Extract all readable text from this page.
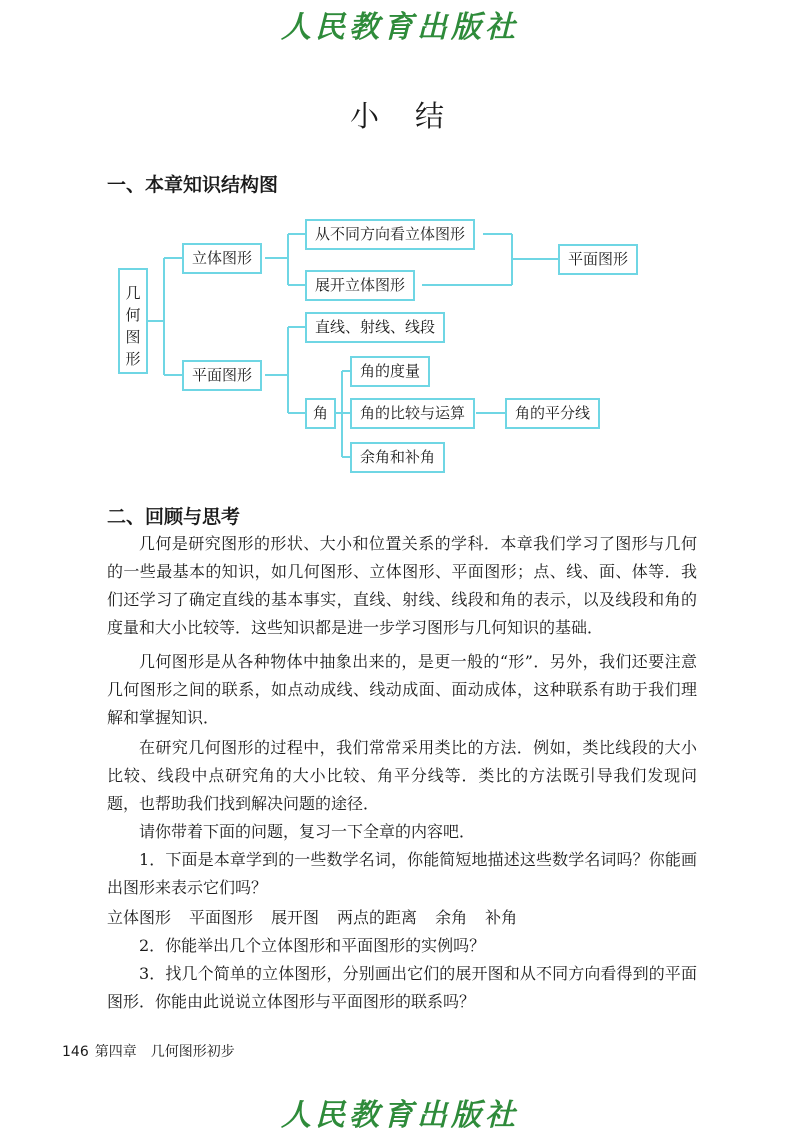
人民教育出版社
小结
一、本章知识结构图
几何图形
立体图形
平面图形
从不同方向看立体图形
展开立体图形
平面图形
直线、射线、线段
角
角的度量
角的比较与运算	角的平分线
余角和补角
二、回顾与思考
几何是研究图形的形状、大小和位置关系的学科．本章我们学习了图形与几何的一些最基本的知识，如几何图形、立体图形、平面图形；点、线、面、体等．我们还学习了确定直线的基本事实，直线、射线、线段和角的表示，以及线段和角的度量和大小比较等．这些知识都是进一步学习图形与几何知识的基础．
几何图形是从各种物体中抽象出来的，是更一般的“形”．另外，我们还要注意几何图形之间的联系，如点动成线、线动成面、面动成体，这种联系有助于我们理解和掌握知识．
在研究几何图形的过程中，我们常常采用类比的方法．例如，类比线段的大小比较、线段中点研究角的大小比较、角平分线等．类比的方法既引导我们发现问题，也帮助我们找到解决问题的途径．
请你带着下面的问题，复习一下全章的内容吧．
1．下面是本章学到的一些数学名词，你能简短地描述这些数学名词吗？你能画出图形来表示它们吗？
立体图形 平面图形 展开图 两点的距离 余角 补角
2．你能举出几个立体图形和平面图形的实例吗？
3．找几个简单的立体图形，分别画出它们的展开图和从不同方向看得到的平面图形．你能由此说说立体图形与平面图形的联系吗？
146 第四章　几何图形初步
人民教育出版社
